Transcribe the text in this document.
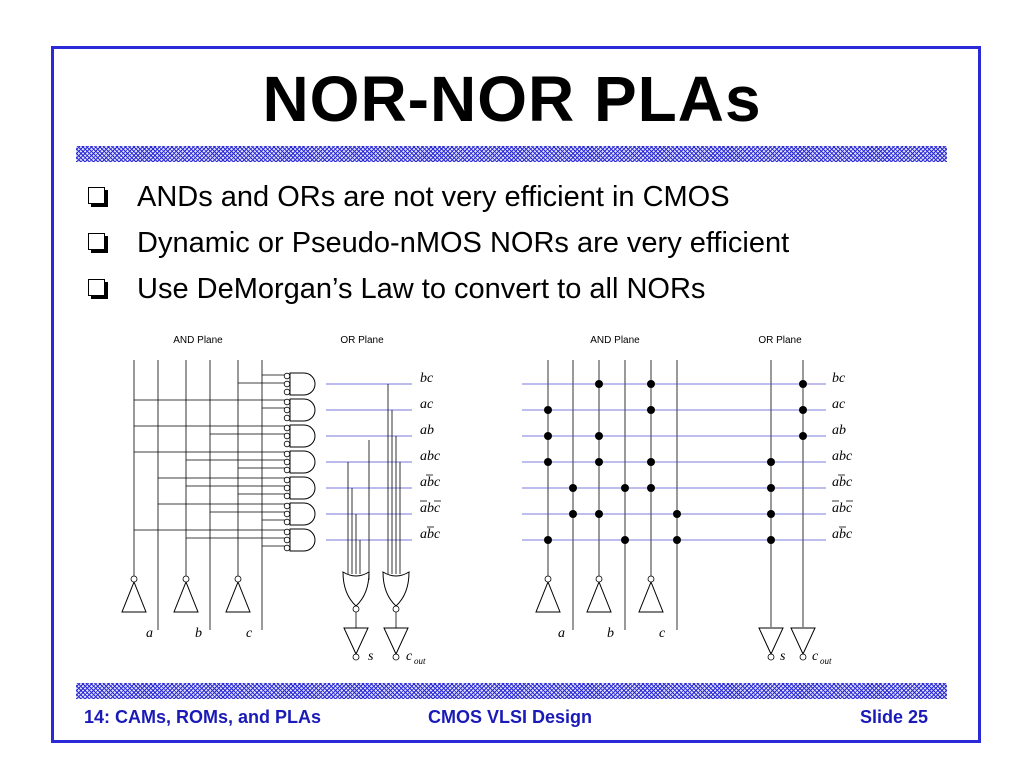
NOR-NOR PLAs
ANDs and ORs are not very efficient in CMOS
Dynamic or Pseudo-nMOS NORs are very efficient
Use DeMorgan’s Law to convert to all NORs
AND Plane	OR Plane
bc
ac
ab
abc
abc
abc
abc
a	b	c
s c out
AND Plane	OR Plane
bc
ac
ab
abc
abc
abc
abc
a	b	c
s c out
14: CAMs, ROMs, and PLAs	CMOS VLSI Design	Slide 25
